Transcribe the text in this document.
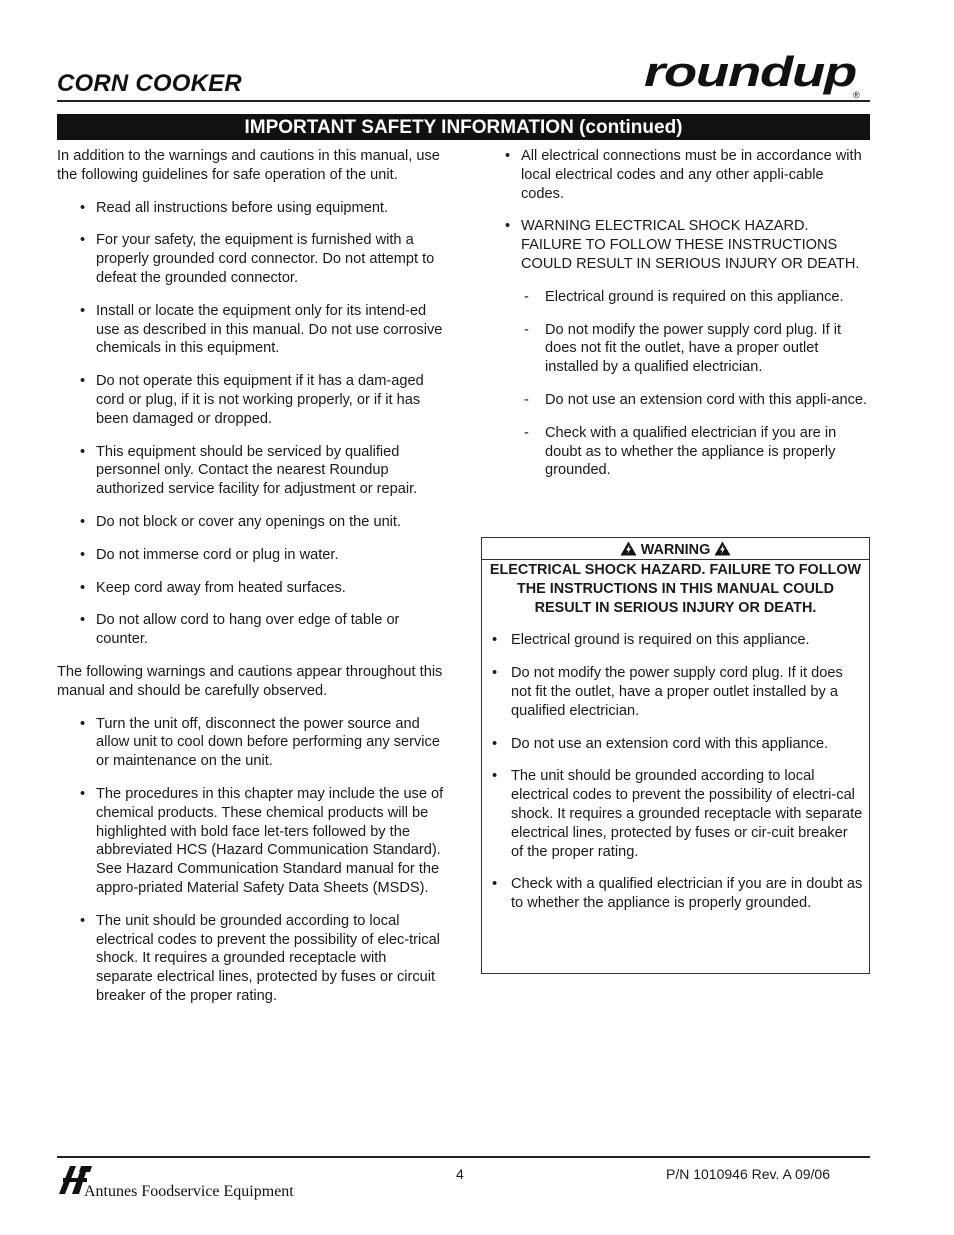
CORN COOKER	roundup
®
IMPORTANT SAFETY INFORMATION (continued)

In addition to the warnings and cautions in this manual, use the following guidelines for safe operation of the unit.

• Read all instructions before using equipment.
• For your safety, the equipment is furnished with a properly grounded cord connector. Do not attempt to defeat the grounded connector.
• Install or locate the equipment only for its intend-ed use as described in this manual. Do not use corrosive chemicals in this equipment.
• Do not operate this equipment if it has a dam-aged cord or plug, if it is not working properly, or if it has been damaged or dropped.
• This equipment should be serviced by qualified personnel only. Contact the nearest Roundup authorized service facility for adjustment or repair.
• Do not block or cover any openings on the unit.
• Do not immerse cord or plug in water.
• Keep cord away from heated surfaces.
• Do not allow cord to hang over edge of table or counter.

The following warnings and cautions appear throughout this manual and should be carefully observed.

• Turn the unit off, disconnect the power source and allow unit to cool down before performing any service or maintenance on the unit.
• The procedures in this chapter may include the use of chemical products. These chemical products will be highlighted with bold face let-ters followed by the abbreviated HCS (Hazard Communication Standard). See Hazard Communication Standard manual for the appro-priated Material Safety Data Sheets (MSDS).
• The unit should be grounded according to local electrical codes to prevent the possibility of elec-trical shock. It requires a grounded receptacle with separate electrical lines, protected by fuses or circuit breaker of the proper rating.
• All electrical connections must be in accordance with local electrical codes and any other appli-cable codes.
• WARNING ELECTRICAL SHOCK HAZARD. FAILURE TO FOLLOW THESE INSTRUCTIONS COULD RESULT IN SERIOUS INJURY OR DEATH.
- Electrical ground is required on this appliance.
- Do not modify the power supply cord plug. If it does not fit the outlet, have a proper outlet installed by a qualified electrician.
- Do not use an extension cord with this appli-ance.
- Check with a qualified electrician if you are in doubt as to whether the appliance is properly grounded.
WARNING
ELECTRICAL SHOCK HAZARD. FAILURE TO FOLLOW THE INSTRUCTIONS IN THIS MANUAL COULD RESULT IN SERIOUS INJURY OR DEATH.
• Electrical ground is required on this appliance.
• Do not modify the power supply cord plug. If it does not fit the outlet, have a proper outlet installed by a qualified electrician.
• Do not use an extension cord with this appliance.
• The unit should be grounded according to local electrical codes to prevent the possibility of electri-cal shock. It requires a grounded receptacle with separate electrical lines, protected by fuses or cir-cuit breaker of the proper rating.
• Check with a qualified electrician if you are in doubt as to whether the appliance is properly grounded.
Antunes Foodservice Equipment
4	P/N 1010946 Rev. A 09/06
